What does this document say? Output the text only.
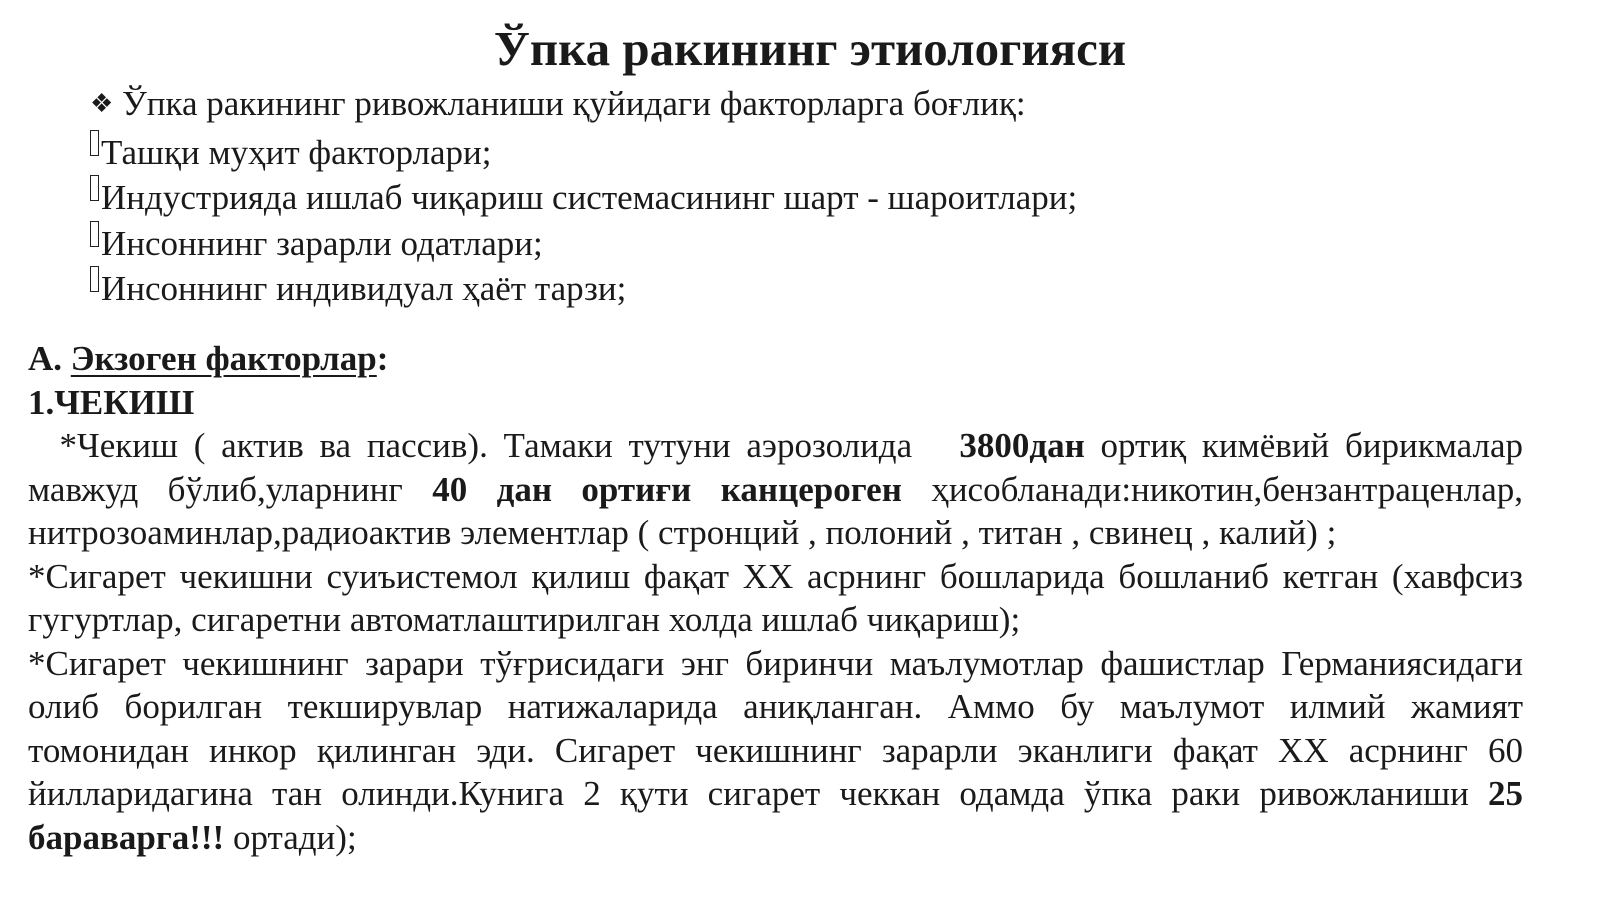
Ўпка ракининг этиологияси
❖ Ўпка ракининг ривожланиши қуйидаги факторларга боғлиқ:
Ташқи муҳит факторлари;
Индустрияда ишлаб чиқариш системасининг шарт - шароитлари;
Инсоннинг зарарли одатлари;
Инсоннинг индивидуал ҳаёт тарзи;
А. Экзоген факторлар:
1.ЧЕКИШ

*Чекиш ( актив ва пассив). Тамаки тутуни аэрозолида   3800дан ортиқ кимёвий бирикмалар мавжуд бўлиб,уларнинг 40 дан ортиғи канцероген ҳисобланади:никотин,бензантраценлар, нитрозоаминлар,радиоактив элементлар ( стронций , полоний , титан , свинец , калий) ;

*Сигарет чекишни суиъистемол қилиш фақат XX асрнинг бошларида бошланиб кетган (хавфсиз гугуртлар, сигаретни автоматлаштирилган холда ишлаб чиқариш);

*Сигарет чекишнинг зарари тўғрисидаги энг биринчи маълумотлар фашистлар Германиясидаги олиб борилган текширувлар натижаларида аниқланган. Аммо бу маълумот илмий жамият томонидан инкор қилинган эди. Сигарет чекишнинг зарарли эканлиги фақат XX асрнинг 60 йилларидагина тан олинди.Кунига 2 қути сигарет чеккан одамда ўпка раки ривожланиши 25 бараварга!!! ортади);
